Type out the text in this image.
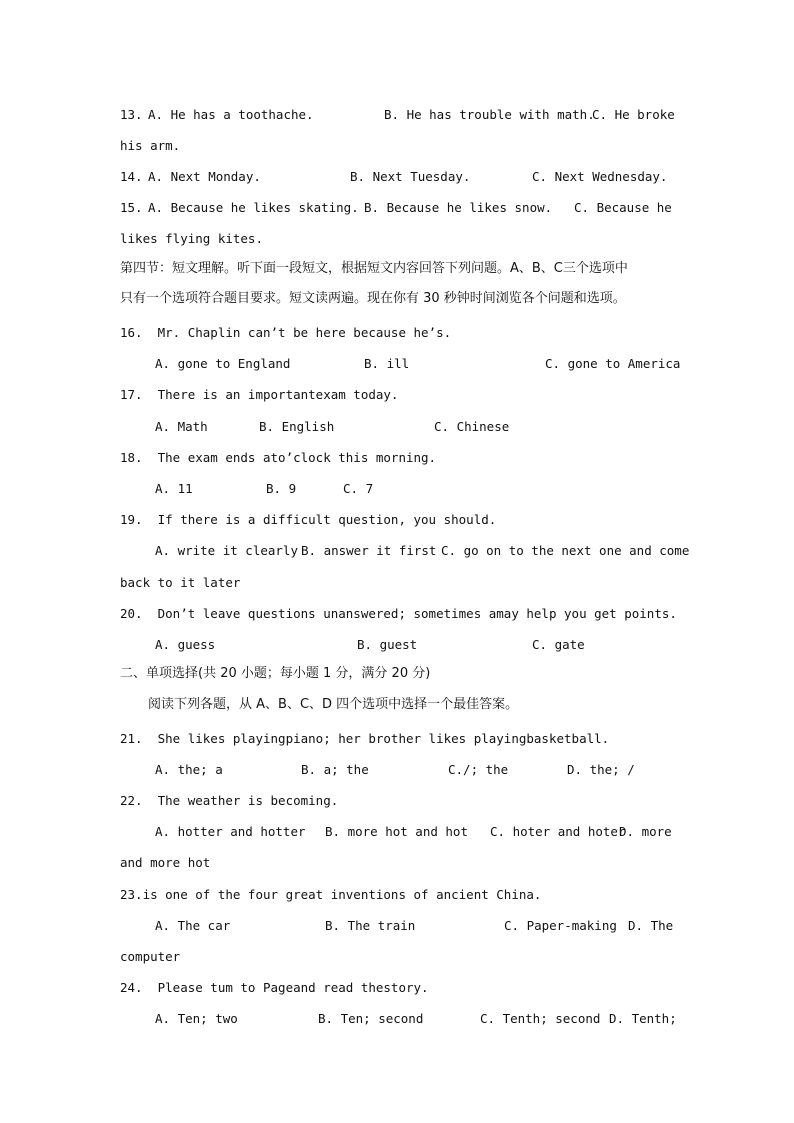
13. A. He has a toothache.	B. He has trouble with math.
C. He broke
his arm.
14. A. Next Monday.	B. Next Tuesday.	C. Next Wednesday.
15. A. Because he likes skating. B. Because he likes snow. C. Because he
likes flying kites.
第四节：短文理解。听下面一段短文，根据短文内容回答下列问题。A、B、C三个选项中
只有一个选项符合题目要求。短文读两遍。现在你有 30 秒钟时间浏览各个问题和选项。
16.  Mr. Chaplin can’t be here because he’s.
A. gone to England	B. ill	C. gone to America
17.  There is an importantexam today.
A. Math	B. English	C. Chinese
18.  The exam ends ato’clock this morning.
A. 11	B. 9	C. 7
19.  If there is a difficult question, you should.
A. write it clearly B. answer it first C. go on to the next one and come
back to it later
20.  Don’t leave questions unanswered; sometimes amay help you get points.
A. guess	B. guest	C. gate
二、单项选择(共 20 小题；每小题 1 分，满分 20 分)
阅读下列各题，从 A、B、C、D 四个选项中选择一个最佳答案。
21.  She likes playingpiano; her brother likes playingbasketball.
A. the; a	B. a; the	C./; the	D. the; /
22.  The weather is becoming.
A. hotter and hotter B. more hot and hot C. hoter and hoter
D. more
and more hot
23.is one of the four great inventions of ancient China.
A. The car	B. The train	C. Paper-making D. The
computer
24.  Please tum to Pageand read thestory.
A. Ten; two	B. Ten; second	C. Tenth; second D. Tenth;
